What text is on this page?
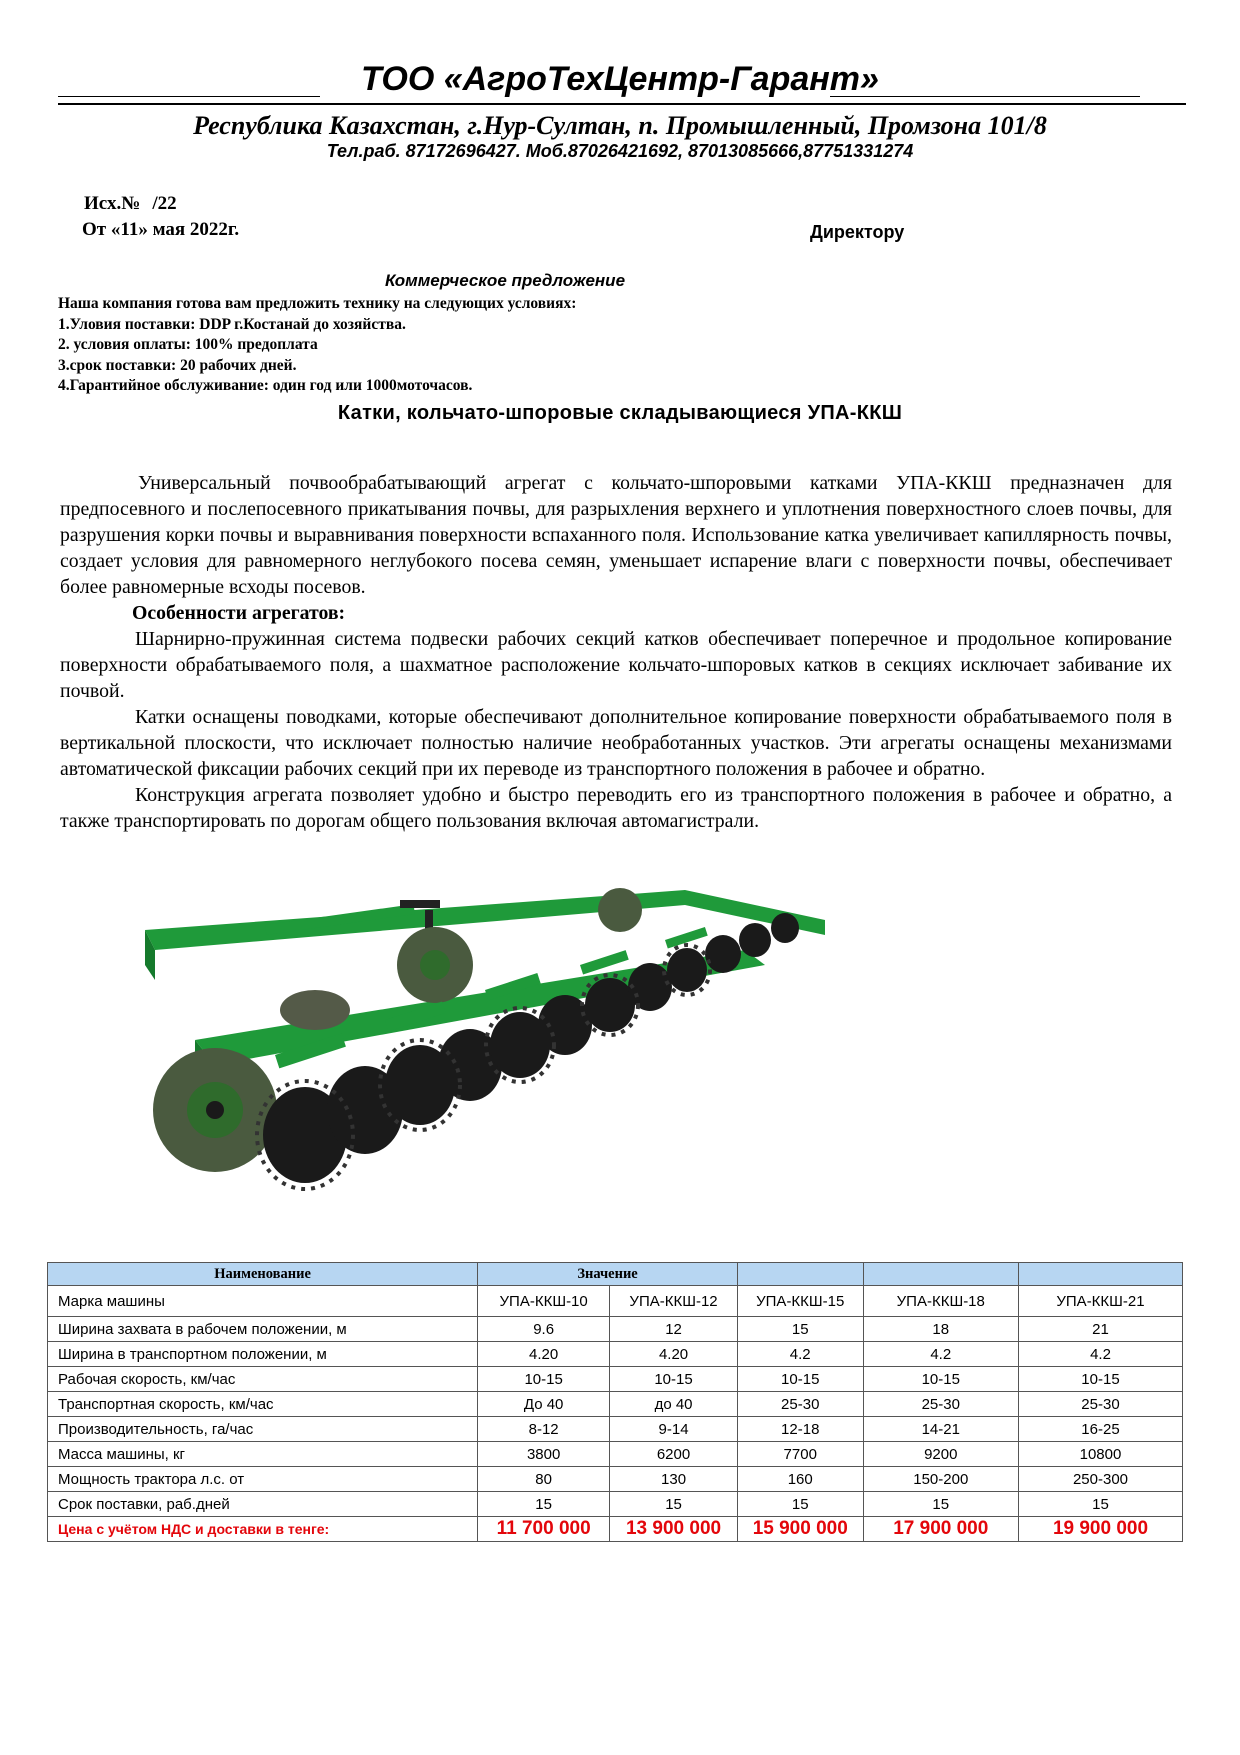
ТОО «АгроТехЦентр-Гарант»
Республика Казахстан, г.Нур-Султан, п. Промышленный, Промзона 101/8
Тел.раб. 87172696427. Моб.87026421692, 87013085666,87751331274
Исх.№ /22
От «11» мая 2022г.	Директору
Коммерческое предложение
Наша компания готова вам предложить технику на следующих условиях:
1.Уловия поставки: DDP г.Костанай до хозяйства.
2. условия оплаты: 100% предоплата
3.срок поставки: 20 рабочих дней.
4.Гарантийное обслуживание: один год или 1000моточасов.
Катки, кольчато-шпоровые складывающиеся УПА-ККШ

Универсальный почвообрабатывающий агрегат с кольчато-шпоровыми катками УПА-ККШ предназначен для предпосевного и послепосевного прикатывания почвы, для разрыхления верхнего и уплотнения поверхностного слоев почвы, для разрушения корки почвы и выравнивания поверхности вспаханного поля. Использование катка увеличивает капиллярность почвы, создает условия для равномерного неглубокого посева семян, уменьшает испарение влаги с поверхности почвы, обеспечивает более равномерные всходы посевов.

Особенности агрегатов:

Шарнирно-пружинная система подвески рабочих секций катков обеспечивает поперечное и продольное копирование поверхности обрабатываемого поля, а шахматное расположение кольчато-шпоровых катков в секциях исключает забивание их почвой.

Катки оснащены поводками, которые обеспечивают дополнительное копирование поверхности обрабатываемого поля в вертикальной плоскости, что исключает полностью наличие необработанных участков. Эти агрегаты оснащены механизмами автоматической фиксации рабочих секций при их переводе из транспортного положения в рабочее и обратно.

Конструкция агрегата позволяет удобно и быстро переводить его из транспортного положения в рабочее и обратно, а также транспортировать по дорогам общего пользования включая автомагистрали.

Наименование	Значение				
Марка машины	УПА-ККШ-10	УПА-ККШ-12	УПА-ККШ-15	УПА-ККШ-18	УПА-ККШ-21
Ширина захвата в рабочем положении, м	9.6	12	15	18	21
Ширина в транспортном положении, м	4.20	4.20	4.2	4.2	4.2
Рабочая скорость, км/час	10-15	10-15	10-15	10-15	10-15
Транспортная скорость, км/час	До 40	до 40	25-30	25-30	25-30
Производительность, га/час	8-12	9-14	12-18	14-21	16-25
Масса машины, кг	3800	6200	7700	9200	10800
Мощность трактора л.с. от	80	130	160	150-200	250-300
Срок поставки, раб.дней	15	15	15	15	15
Цена с учётом НДС и доставки в тенге:	11 700 000	13 900 000	15 900 000	17 900 000	19 900 000
